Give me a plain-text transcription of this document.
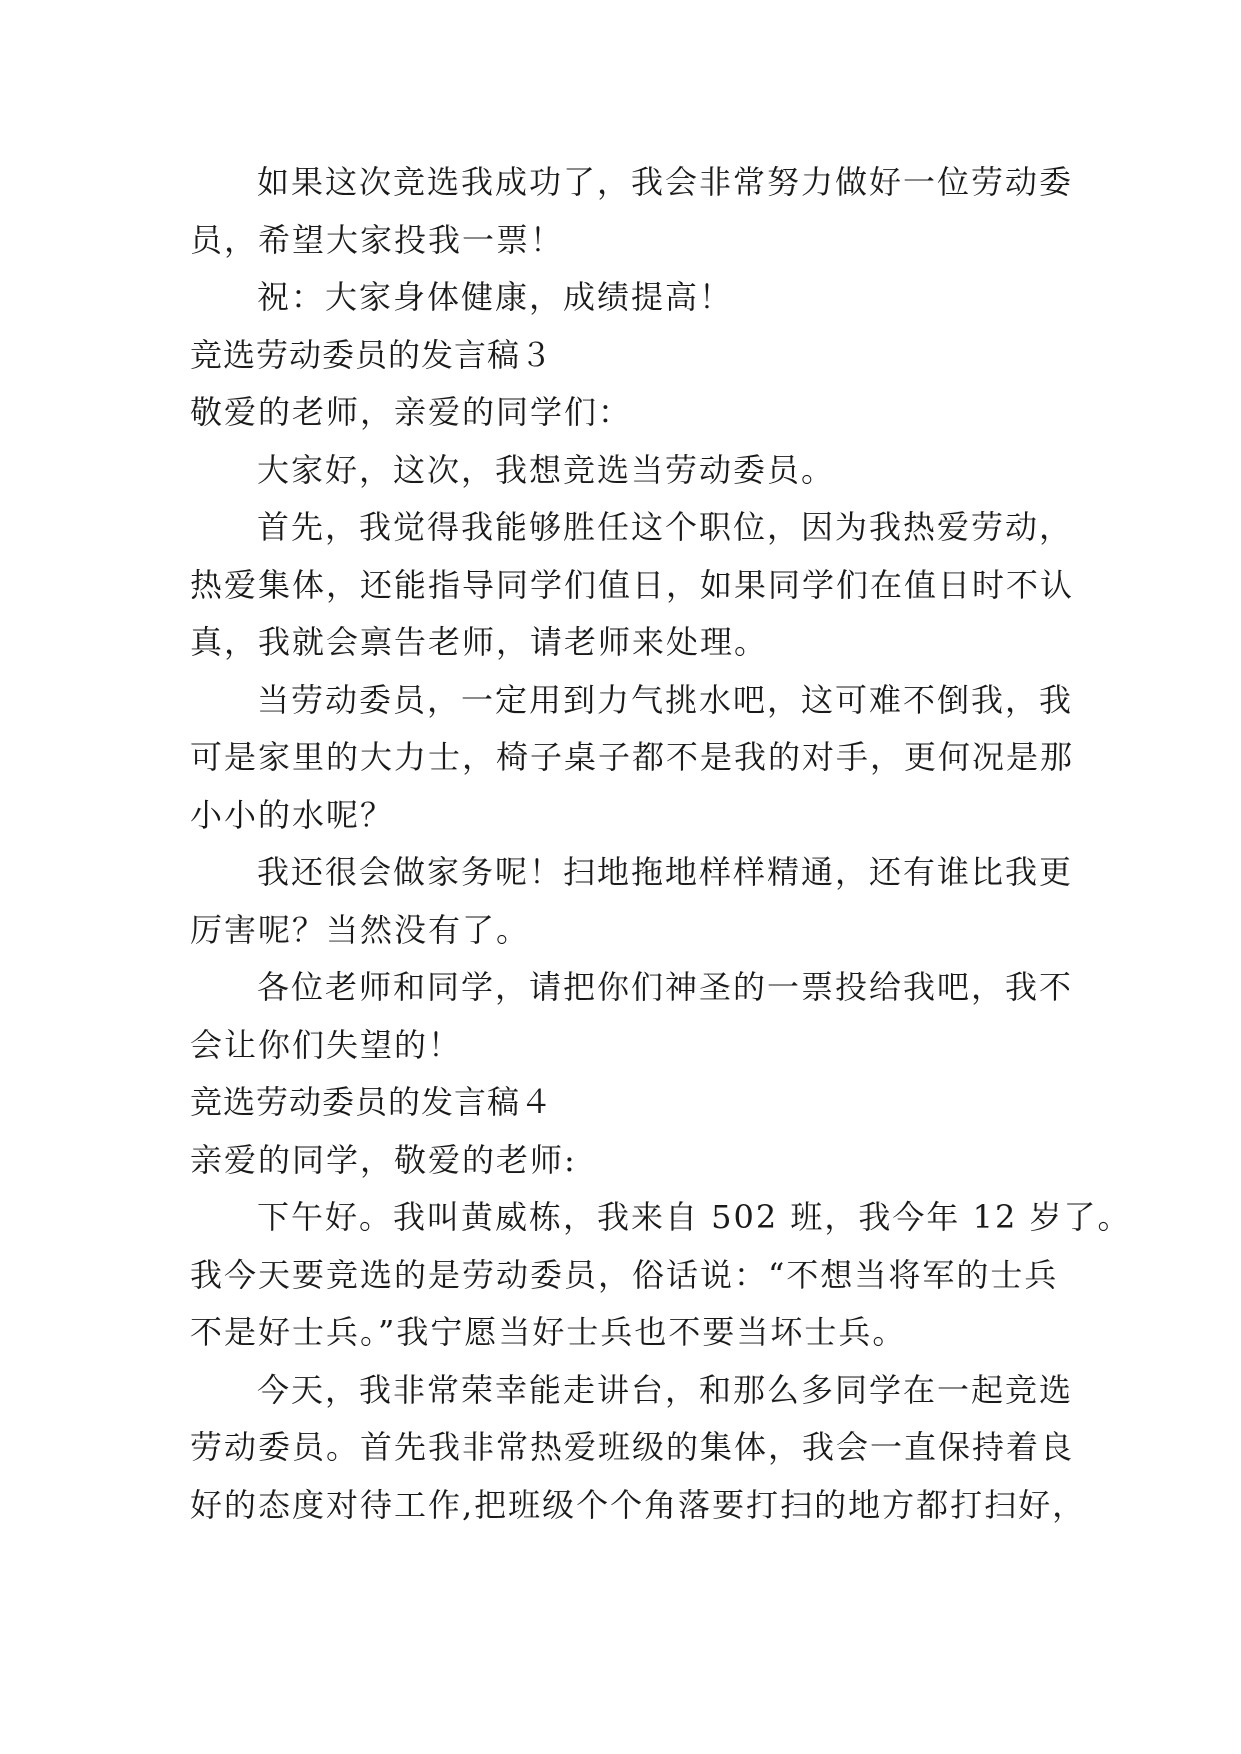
如果这次竞选我成功了，我会非常努力做好一位劳动委
员，希望大家投我一票！
祝：大家身体健康，成绩提高！
竞选劳动委员的发言稿３
敬爱的老师，亲爱的同学们：
大家好，这次，我想竞选当劳动委员。
首先，我觉得我能够胜任这个职位，因为我热爱劳动，
热爱集体，还能指导同学们值日，如果同学们在值日时不认
真，我就会禀告老师，请老师来处理。
当劳动委员，一定用到力气挑水吧，这可难不倒我，我
可是家里的大力士，椅子桌子都不是我的对手，更何况是那
小小的水呢？
我还很会做家务呢！扫地拖地样样精通，还有谁比我更
厉害呢？当然没有了。
各位老师和同学，请把你们神圣的一票投给我吧，我不
会让你们失望的！
竞选劳动委员的发言稿４
亲爱的同学，敬爱的老师:
下午好。我叫黄威栋，我来自 502 班，我今年 12 岁了。
我今天要竞选的是劳动委员，俗话说：“不想当将军的士兵
不是好士兵。”我宁愿当好士兵也不要当坏士兵。
今天，我非常荣幸能走讲台，和那么多同学在一起竞选
劳动委员。首先我非常热爱班级的集体，我会一直保持着良
好的态度对待工作,把班级个个角落要打扫的地方都打扫好，
